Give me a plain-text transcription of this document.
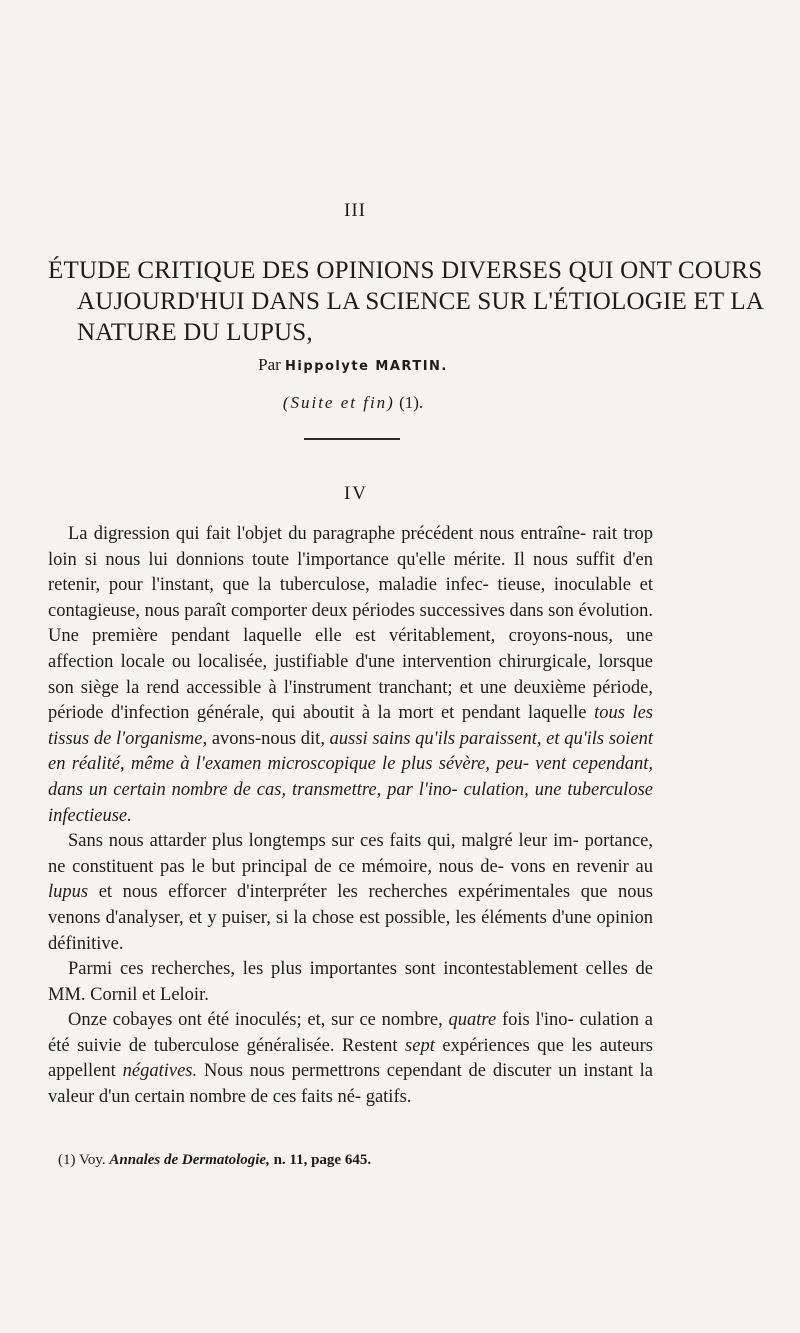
III
ÉTUDE CRITIQUE DES OPINIONS DIVERSES QUI ONT COURS
AUJOURD'HUI DANS LA SCIENCE SUR L'ÉTIOLOGIE ET LA
NATURE DU LUPUS,
Par Hippolyte MARTIN.
(Suite et fin) (1).
IV

La digression qui fait l'objet du paragraphe précédent nous entraîne- rait trop loin si nous lui donnions toute l'importance qu'elle mérite. Il nous suffit d'en retenir, pour l'instant, que la tuberculose, maladie infec- tieuse, inoculable et contagieuse, nous paraît comporter deux périodes successives dans son évolution. Une première pendant laquelle elle est véritablement, croyons-nous, une affection locale ou localisée, justifiable d'une intervention chirurgicale, lorsque son siège la rend accessible à l'instrument tranchant; et une deuxième période, période d'infection générale, qui aboutit à la mort et pendant laquelle tous les tissus de l'organisme, avons-nous dit, aussi sains qu'ils paraissent, et qu'ils soient en réalité, même à l'examen microscopique le plus sévère, peu- vent cependant, dans un certain nombre de cas, transmettre, par l'ino- culation, une tuberculose infectieuse.

Sans nous attarder plus longtemps sur ces faits qui, malgré leur im- portance, ne constituent pas le but principal de ce mémoire, nous de- vons en revenir au lupus et nous efforcer d'interpréter les recherches expérimentales que nous venons d'analyser, et y puiser, si la chose est possible, les éléments d'une opinion définitive.

Parmi ces recherches, les plus importantes sont incontestablement celles de MM. Cornil et Leloir.

Onze cobayes ont été inoculés; et, sur ce nombre, quatre fois l'ino- culation a été suivie de tuberculose généralisée. Restent sept expériences que les auteurs appellent négatives. Nous nous permettrons cependant de discuter un instant la valeur d'un certain nombre de ces faits né- gatifs.

(1) Voy. Annales de Dermatologie, n. 11, page 645.
